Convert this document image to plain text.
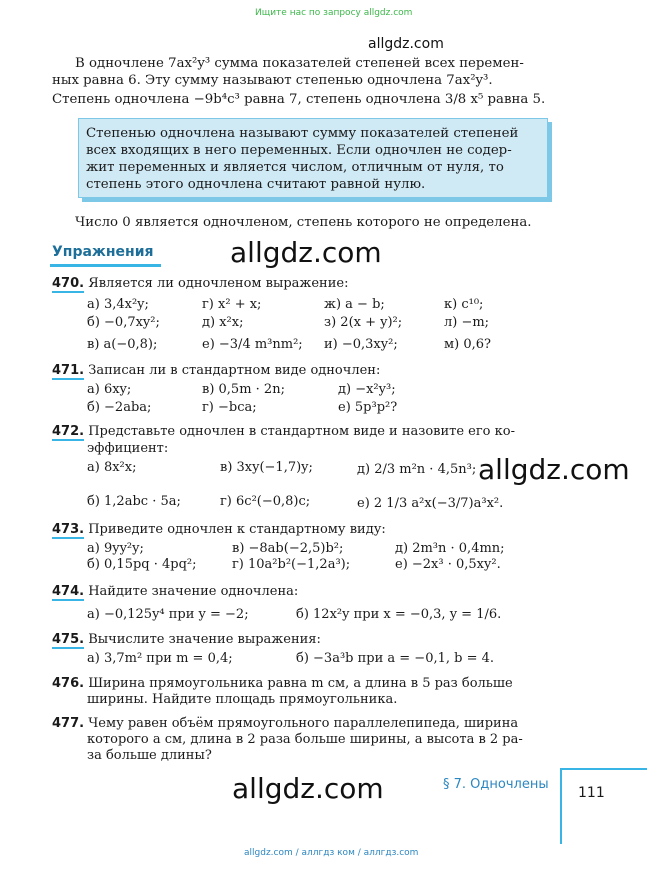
Ищите нас по запросу allgdz.com
allgdz.com
В одночлене 7ax²y³ сумма показателей степеней всех перемен-
ных равна 6. Эту сумму называют степенью одночлена 7ax²y³.
Степень одночлена −9b⁴c³ равна 7, степень одночлена 3/8 x⁵ равна 5.
Степенью одночлена называют сумму показателей степеней
всех входящих в него переменных. Если одночлен не содер-
жит переменных и является числом, отличным от нуля, то
степень этого одночлена считают равной нулю.
Число 0 является одночленом, степень которого не определена.
Упражнения	allgdz.com
470. Является ли одночленом выражение:
а) 3,4x²y;	г) x² + x;	ж) a − b;	к) c¹⁰;
б) −0,7xy²;	д) x²x;	з) 2(x + y)²;	л) −m;
в) a(−0,8);	е) −3/4 m³nm²; и) −0,3xy²;	м) 0,6?
471. Записан ли в стандартном виде одночлен:
а) 6xy;	в) 0,5m · 2n;	д) −x²y³;
б) −2aba;	г) −bca;	е) 5p³p²?
472. Представьте одночлен в стандартном виде и назовите его ко-
эффициент:
а) 8x²x;	в) 3xy(−1,7)y;	д) 2/3 m²n · 4,5n³;
б) 1,2abc · 5a;	г) 6c²(−0,8)c;	е) 2 1/3 a²x(−3/7)a³x².
allgdz.com
473. Приведите одночлен к стандартному виду:
а) 9yy²y;	в) −8ab(−2,5)b²;	д) 2m³n · 0,4mn;
б) 0,15pq · 4pq²;	г) 10a²b²(−1,2a³);	е) −2x³ · 0,5xy².
474. Найдите значение одночлена:
а) −0,125y⁴ при y = −2;	б) 12x²y при x = −0,3, y = 1/6.
475. Вычислите значение выражения:
а) 3,7m² при m = 0,4;	б) −3a³b при a = −0,1, b = 4.
476. Ширина прямоугольника равна m см, а длина в 5 раз больше
ширины. Найдите площадь прямоугольника.
477. Чему равен объём прямоугольного параллелепипеда, ширина
которого a см, длина в 2 раза больше ширины, а высота в 2 ра-
за больше длины?
allgdz.com	§ 7. Одночлены
111
allgdz.com / аллгдз ком / аллгдз.com
